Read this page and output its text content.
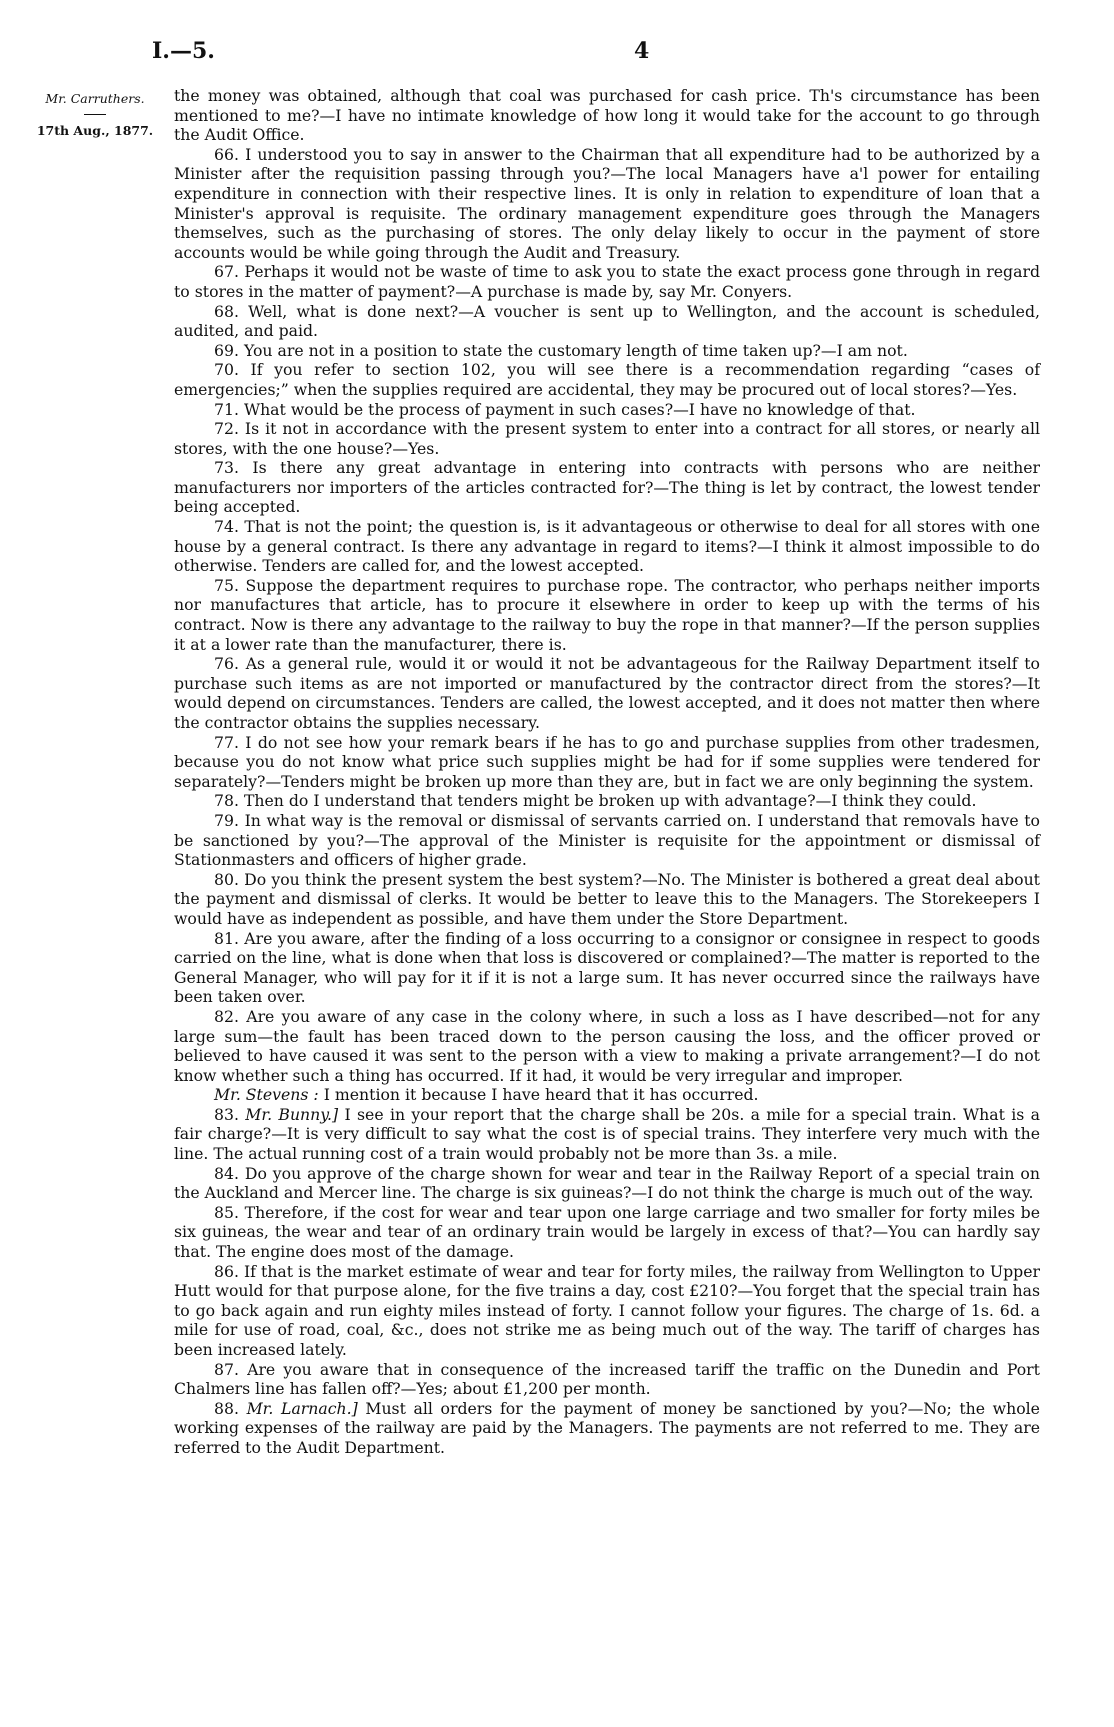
I.—5.	4
Mr. Carruthers.
17th Aug., 1877.

the money was obtained, although that coal was purchased for cash price. Th's circumstance has been mentioned to me?—I have no intimate knowledge of how long it would take for the account to go through the Audit Office.

66. I understood you to say in answer to the Chairman that all expenditure had to be authorized by a Minister after the requisition passing through you?—The local Managers have a'l power for entailing expenditure in connection with their respective lines. It is only in relation to expenditure of loan that a Minister's approval is requisite. The ordinary management expenditure goes through the Managers themselves, such as the purchasing of stores. The only delay likely to occur in the payment of store accounts would be while going through the Audit and Treasury.

67. Perhaps it would not be waste of time to ask you to state the exact process gone through in regard to stores in the matter of payment?—A purchase is made by, say Mr. Conyers.

68. Well, what is done next?—A voucher is sent up to Wellington, and the account is scheduled, audited, and paid.

69. You are not in a position to state the customary length of time taken up?—I am not.

70. If you refer to section 102, you will see there is a recommendation regarding “cases of emergencies;” when the supplies required are accidental, they may be procured out of local stores?—Yes.

71. What would be the process of payment in such cases?—I have no knowledge of that.

72. Is it not in accordance with the present system to enter into a contract for all stores, or nearly all stores, with the one house?—Yes.

73. Is there any great advantage in entering into contracts with persons who are neither manufacturers nor importers of the articles contracted for?—The thing is let by contract, the lowest tender being accepted.

74. That is not the point; the question is, is it advantageous or otherwise to deal for all stores with one house by a general contract. Is there any advantage in regard to items?—I think it almost impossible to do otherwise. Tenders are called for, and the lowest accepted.

75. Suppose the department requires to purchase rope. The contractor, who perhaps neither imports nor manufactures that article, has to procure it elsewhere in order to keep up with the terms of his contract. Now is there any advantage to the railway to buy the rope in that manner?—If the person supplies it at a lower rate than the manufacturer, there is.

76. As a general rule, would it or would it not be advantageous for the Railway Department itself to purchase such items as are not imported or manufactured by the contractor direct from the stores?—It would depend on circumstances. Tenders are called, the lowest accepted, and it does not matter then where the contractor obtains the supplies necessary.

77. I do not see how your remark bears if he has to go and purchase supplies from other tradesmen, because you do not know what price such supplies might be had for if some supplies were tendered for separately?—Tenders might be broken up more than they are, but in fact we are only beginning the system.

78. Then do I understand that tenders might be broken up with advantage?—I think they could.

79. In what way is the removal or dismissal of servants carried on. I understand that removals have to be sanctioned by you?—The approval of the Minister is requisite for the appointment or dismissal of Stationmasters and officers of higher grade.

80. Do you think the present system the best system?—No. The Minister is bothered a great deal about the payment and dismissal of clerks. It would be better to leave this to the Managers. The Storekeepers I would have as independent as possible, and have them under the Store Department.

81. Are you aware, after the finding of a loss occurring to a consignor or consignee in respect to goods carried on the line, what is done when that loss is discovered or complained?—The matter is reported to the General Manager, who will pay for it if it is not a large sum. It has never occurred since the railways have been taken over.

82. Are you aware of any case in the colony where, in such a loss as I have described—not for any large sum—the fault has been traced down to the person causing the loss, and the officer proved or believed to have caused it was sent to the person with a view to making a private arrangement?—I do not know whether such a thing has occurred. If it had, it would be very irregular and improper.

Mr. Stevens : I mention it because I have heard that it has occurred.

83. Mr. Bunny.] I see in your report that the charge shall be 20s. a mile for a special train. What is a fair charge?—It is very difficult to say what the cost is of special trains. They interfere very much with the line. The actual running cost of a train would probably not be more than 3s. a mile.

84. Do you approve of the charge shown for wear and tear in the Railway Report of a special train on the Auckland and Mercer line. The charge is six guineas?—I do not think the charge is much out of the way.

85. Therefore, if the cost for wear and tear upon one large carriage and two smaller for forty miles be six guineas, the wear and tear of an ordinary train would be largely in excess of that?—You can hardly say that. The engine does most of the damage.

86. If that is the market estimate of wear and tear for forty miles, the railway from Wellington to Upper Hutt would for that purpose alone, for the five trains a day, cost £210?—You forget that the special train has to go back again and run eighty miles instead of forty. I cannot follow your figures. The charge of 1s. 6d. a mile for use of road, coal, &c., does not strike me as being much out of the way. The tariff of charges has been increased lately.

87. Are you aware that in consequence of the increased tariff the traffic on the Dunedin and Port Chalmers line has fallen off?—Yes; about £1,200 per month.

88. Mr. Larnach.] Must all orders for the payment of money be sanctioned by you?—No; the whole working expenses of the railway are paid by the Managers. The payments are not referred to me. They are referred to the Audit Department.
